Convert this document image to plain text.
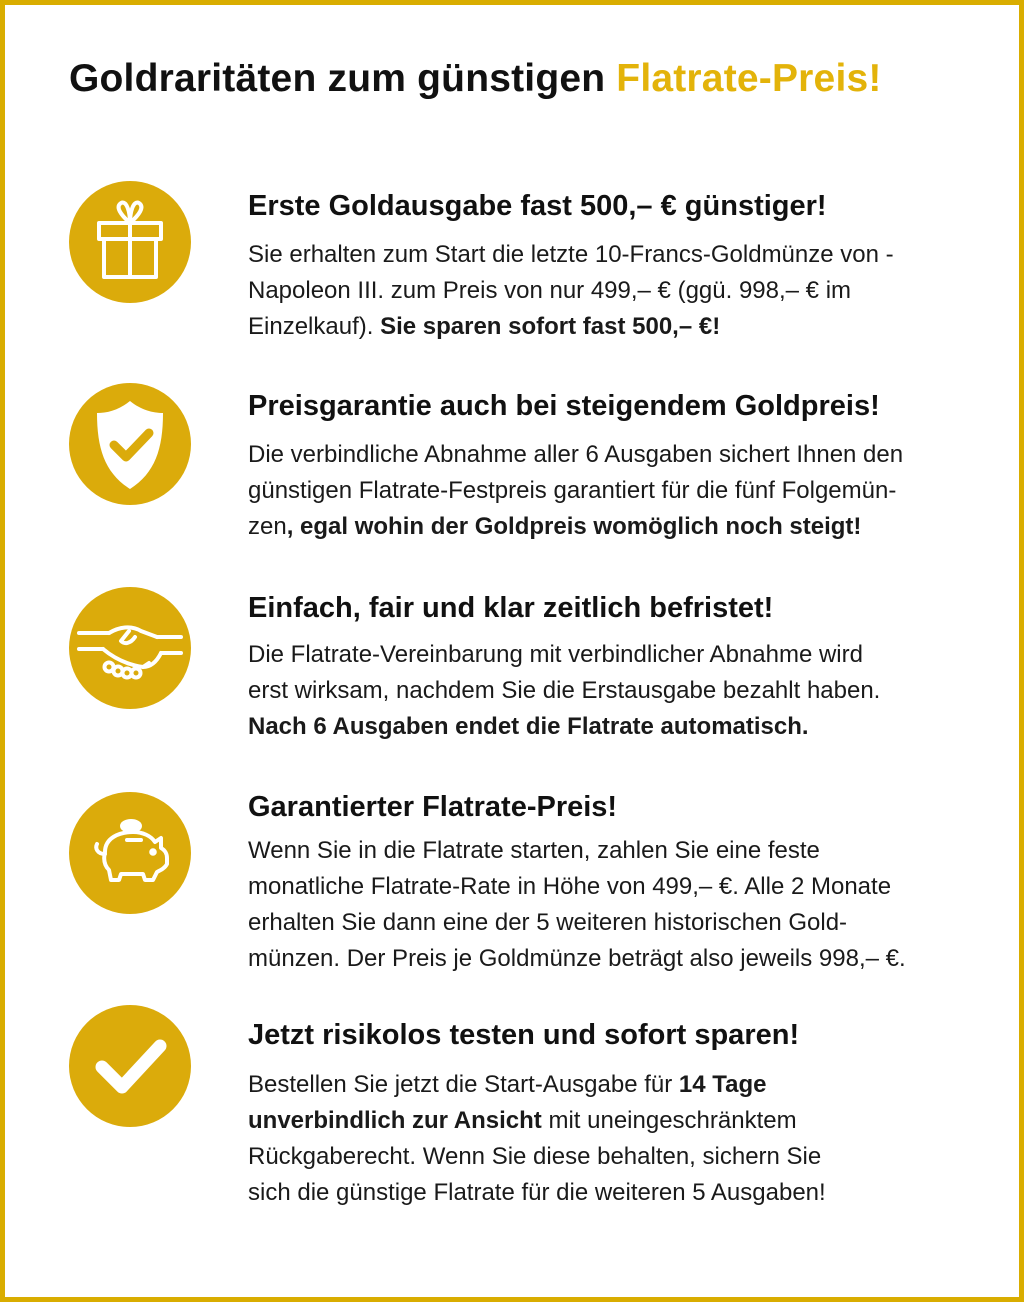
Goldraritäten zum günstigen Flatrate-Preis!
Erste Goldausgabe fast 500,– € günstiger!
Sie erhalten zum Start die letzte 10-Francs-Goldmünze von -
Napoleon III. zum Preis von nur 499,– € (ggü. 998,– € im
Einzelkauf). Sie sparen sofort fast 500,– €!
Preisgarantie auch bei steigendem Goldpreis!
Die verbindliche Abnahme aller 6 Ausgaben sichert Ihnen den
günstigen Flatrate-Festpreis garantiert für die fünf Folgemün-
zen, egal wohin der Goldpreis womöglich noch steigt!
Einfach, fair und klar zeitlich befristet!
Die Flatrate-Vereinbarung mit verbindlicher Abnahme wird
erst wirksam, nachdem Sie die Erstausgabe bezahlt haben.
Nach 6 Ausgaben endet die Flatrate automatisch.
Garantierter Flatrate-Preis!
Wenn Sie in die Flatrate starten, zahlen Sie eine feste
monatliche Flatrate-Rate in Höhe von 499,– €. Alle 2 Monate
erhalten Sie dann eine der 5 weiteren historischen Gold-
münzen. Der Preis je Goldmünze beträgt also jeweils 998,– €.
Jetzt risikolos testen und sofort sparen!
Bestellen Sie jetzt die Start-Ausgabe für 14 Tage
unverbindlich zur Ansicht mit uneingeschränktem
Rückgaberecht. Wenn Sie diese behalten, sichern Sie
sich die günstige Flatrate für die weiteren 5 Ausgaben!
